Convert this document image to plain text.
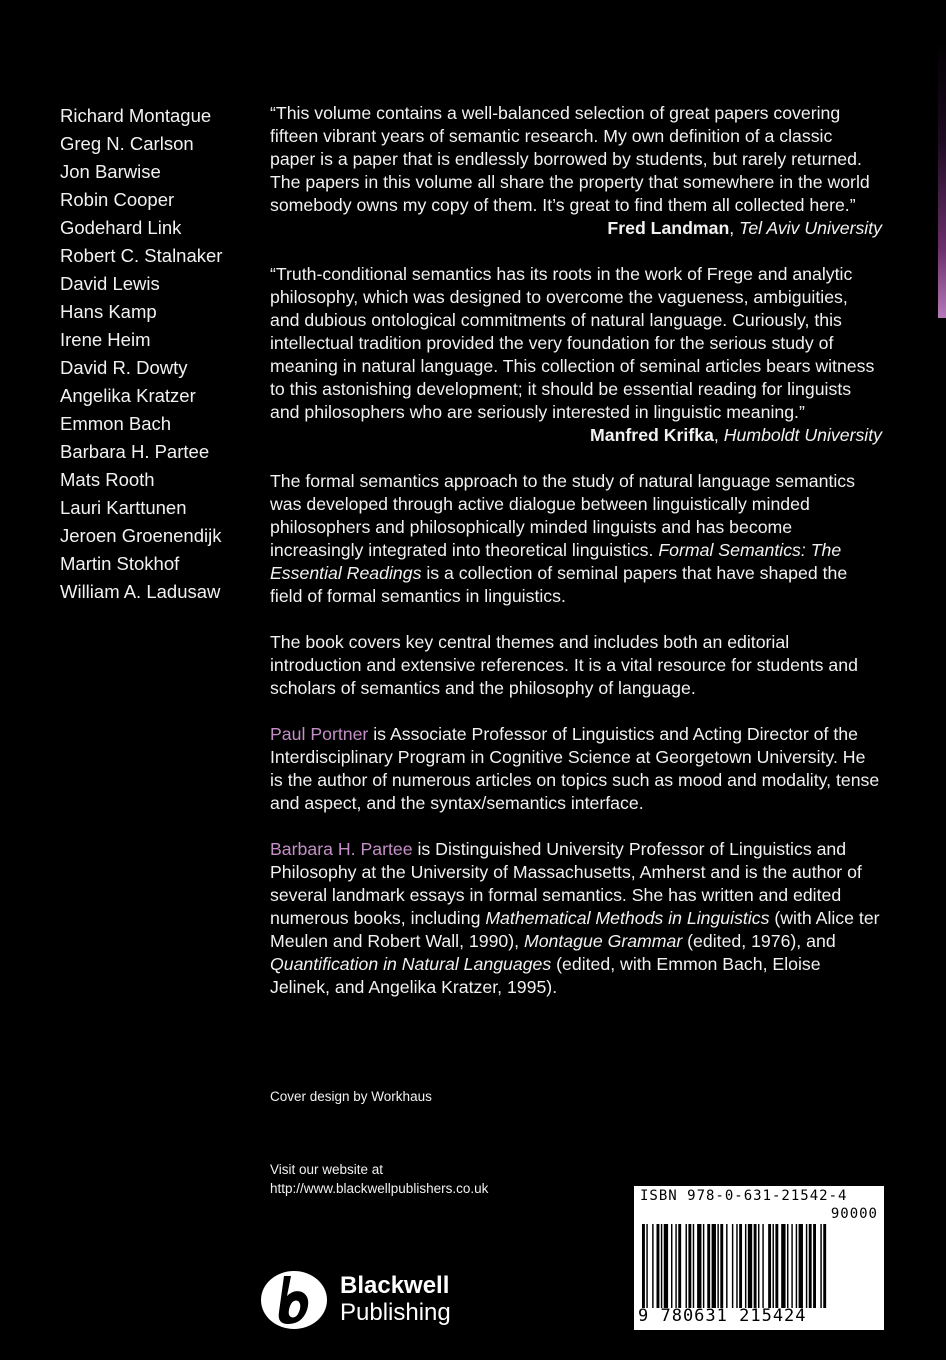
Richard Montague
Greg N. Carlson
Jon Barwise
Robin Cooper
Godehard Link
Robert C. Stalnaker
David Lewis
Hans Kamp
Irene Heim
David R. Dowty
Angelika Kratzer
Emmon Bach
Barbara H. Partee
Mats Rooth
Lauri Karttunen
Jeroen Groenendijk
Martin Stokhof
William A. Ladusaw

“This volume contains a well-balanced selection of great papers covering fifteen vibrant years of semantic research. My own definition of a classic paper is a paper that is endlessly borrowed by students, but rarely returned. The papers in this volume all share the property that somewhere in the world somebody owns my copy of them. It’s great to find them all collected here.”

Fred Landman, Tel Aviv University

“Truth-conditional semantics has its roots in the work of Frege and analytic philosophy, which was designed to overcome the vagueness, ambiguities, and dubious ontological commitments of natural language. Curiously, this intellectual tradition provided the very foundation for the serious study of meaning in natural language. This collection of seminal articles bears witness to this astonishing development; it should be essential reading for linguists and philosophers who are seriously interested in linguistic meaning.”

Manfred Krifka, Humboldt University

The formal semantics approach to the study of natural language semantics was developed through active dialogue between linguistically minded philosophers and philosophically minded linguists and has become increasingly integrated into theoretical linguistics. Formal Semantics: The Essential Readings is a collection of seminal papers that have shaped the field of formal semantics in linguistics.

The book covers key central themes and includes both an editorial introduction and extensive references. It is a vital resource for students and scholars of semantics and the philosophy of language.

Paul Portner is Associate Professor of Linguistics and Acting Director of the Interdisciplinary Program in Cognitive Science at Georgetown University. He is the author of numerous articles on topics such as mood and modality, tense and aspect, and the syntax/semantics interface.

Barbara H. Partee is Distinguished University Professor of Linguistics and Philosophy at the University of Massachusetts, Amherst and is the author of several landmark essays in formal semantics. She has written and edited numerous books, including Mathematical Methods in Linguistics (with Alice ter Meulen and Robert Wall, 1990), Montague Grammar (edited, 1976), and Quantification in Natural Languages (edited, with Emmon Bach, Eloise Jelinek, and Angelika Kratzer, 1995).

Cover design by Workhaus
Visit our website at
http://www.blackwellpublishers.co.uk
Blackwell
Publishing
ISBN 978-0-631-21542-4
90000
9 780631 215424
